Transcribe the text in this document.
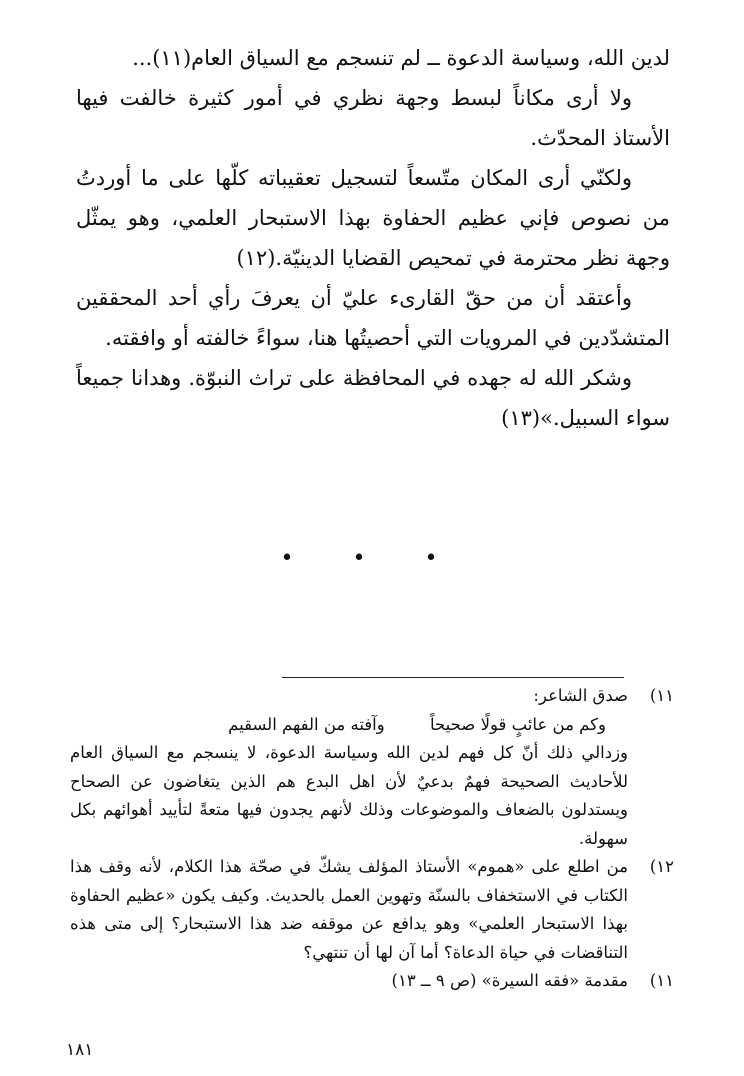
لدين الله، وسياسة الدعوة ــ لم تنسجم مع السياق العام(١١)...

ولا أرى مكاناً لبسط وجهة نظري في أمور كثيرة خالفت فيها الأستاذ المحدّث.

ولكنّي أرى المكان متّسعاً لتسجيل تعقيباته كلّها على ما أوردتُ من نصوص فإني عظيم الحفاوة بهذا الاستبحار العلمي، وهو يمثّل وجهة نظر محترمة في تمحيص القضايا الدينيّة.(١٢)

وأعتقد أن من حقّ القارىء عليّ أن يعرفَ رأي أحد المحققين المتشدّدين في المرويات التي أحصيتُها هنا، سواءً خالفته أو وافقته.

وشكر الله له جهده في المحافظة على تراث النبوّة. وهدانا جميعاً سواء السبيل.»(١٣)

• • •
١١)

صدق الشاعر:

وكم من عائبٍ قولًا صحيحاً وآفته من الفهم السقيم

وزدالي ذلك أنّ كل فهم لدين الله وسياسة الدعوة، لا ينسجم مع السياق العام للأحاديث الصحيحة فهمٌ بدعيٌ لأن اهل البدع هم الذين يتغاضون عن الصحاح ويستدلون بالضعاف والموضوعات وذلك لأنهم يجدون فيها متعةً لتأييد أهوائهم بكل سهولة.

١٢)

من اطلع على «هموم» الأستاذ المؤلف يشكّ في صحّة هذا الكلام، لأنه وقف هذا الكتاب في الاستخفاف بالسنّة وتهوين العمل بالحديث. وكيف يكون «عظيم الحفاوة بهذا الاستبحار العلمي» وهو يدافع عن موقفه ضد هذا الاستبحار؟ إلى متى هذه التناقضات في حياة الدعاة؟ أما آن لها أن تنتهي؟

١١)

مقدمة «فقه السيرة» (ص ٩ ــ ١٣)

١٨١
